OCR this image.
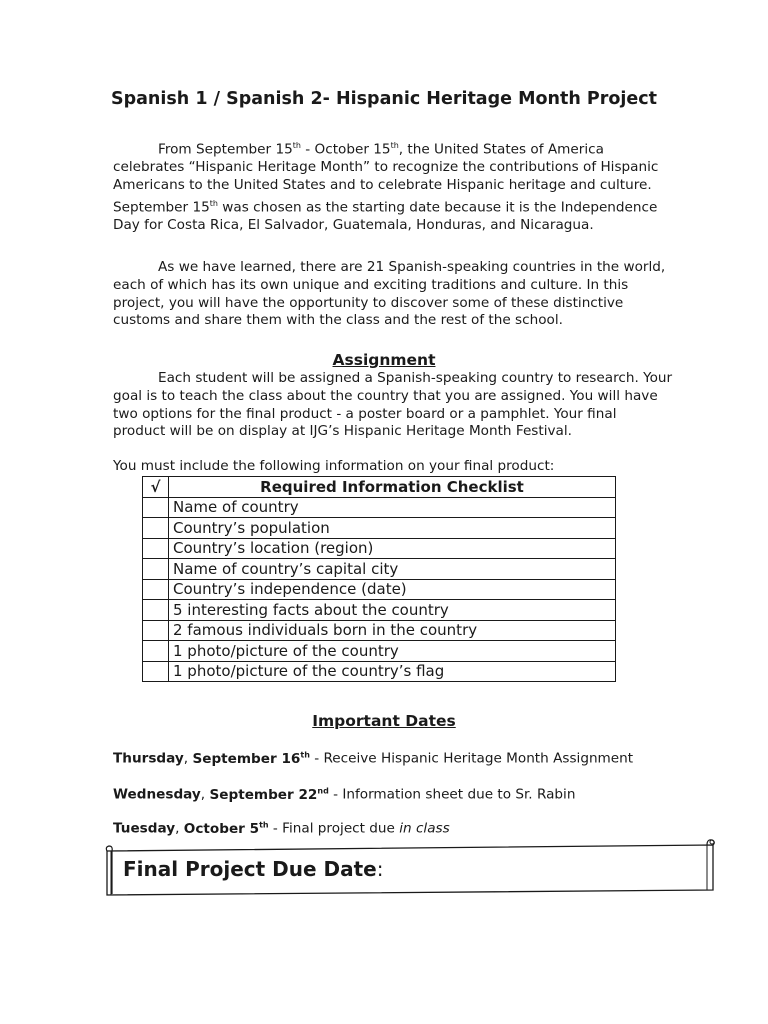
Spanish 1 / Spanish 2- Hispanic Heritage Month Project

From September 15th - October 15th, the United States of America celebrates “Hispanic Heritage Month” to recognize the contributions of Hispanic Americans to the United States and to celebrate Hispanic heritage and culture. September 15th was chosen as the starting date because it is the Independence Day for Costa Rica, El Salvador, Guatemala, Honduras, and Nicaragua.

As we have learned, there are 21 Spanish-speaking countries in the world, each of which has its own unique and exciting traditions and culture. In this project, you will have the opportunity to discover some of these distinctive customs and share them with the class and the rest of the school.

Assignment

Each student will be assigned a Spanish-speaking country to research. Your goal is to teach the class about the country that you are assigned. You will have two options for the final product - a poster board or a pamphlet. Your final product will be on display at IJG’s Hispanic Heritage Month Festival.

You must include the following information on your final product:

√	Required Information Checklist
	Name of country
	Country’s population
	Country’s location (region)
	Name of country’s capital city
	Country’s independence (date)
	5 interesting facts about the country
	2 famous individuals born in the country
	1 photo/picture of the country
	1 photo/picture of the country’s flag
Important Dates
Thursday, September 16th - Receive Hispanic Heritage Month Assignment
Wednesday, September 22nd - Information sheet due to Sr. Rabin
Tuesday, October 5th - Final project due in class
Final Project Due Date:
